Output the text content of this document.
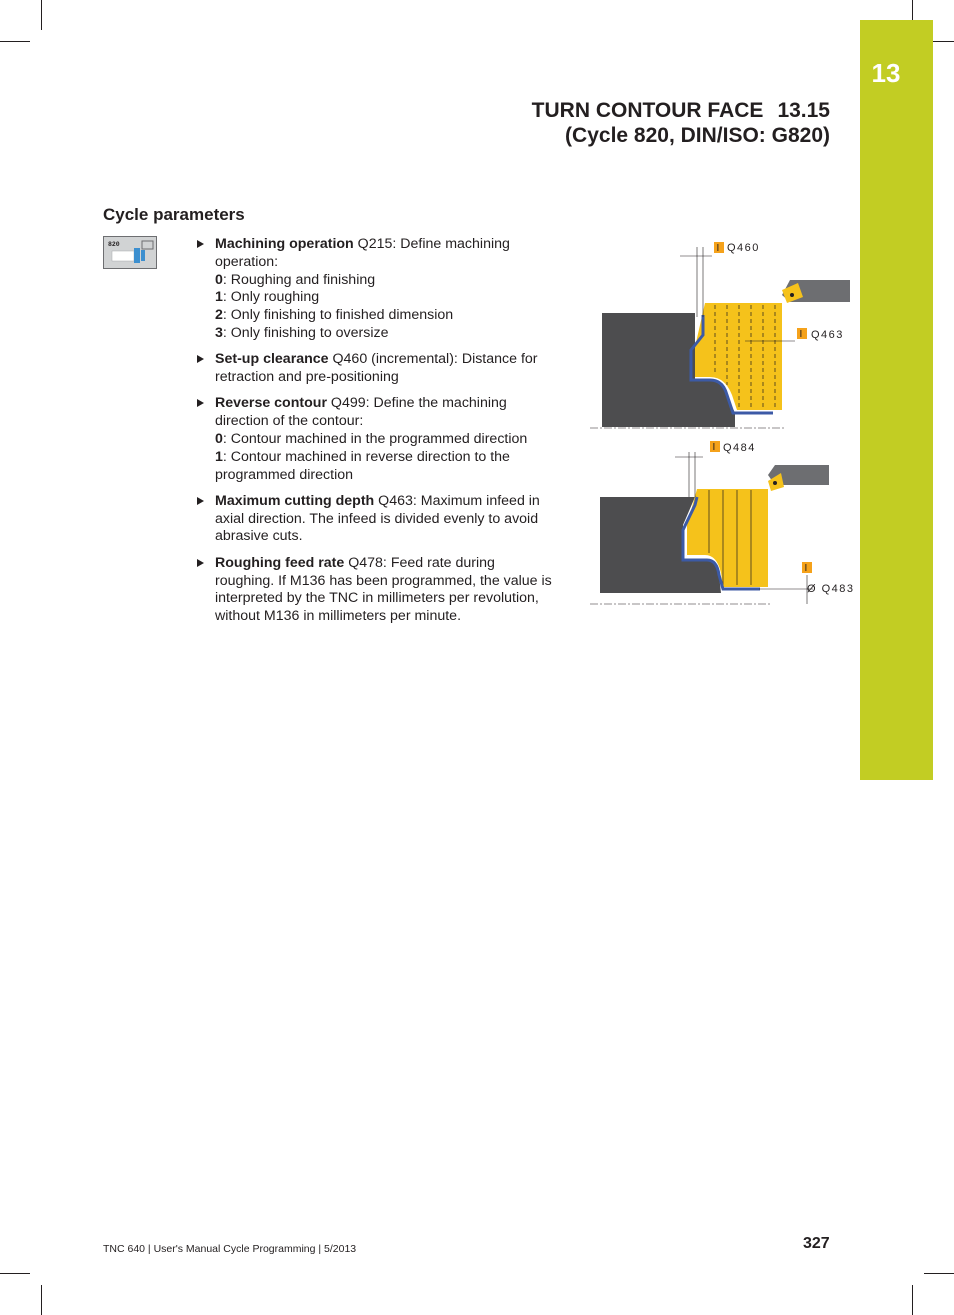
13
TURN CONTOUR FACE 13.15
(Cycle 820, DIN/ISO: G820)
Cycle parameters
820	Machining operation Q215: Define machining operation:
0: Roughing and finishing
1: Only roughing
2: Only finishing to finished dimension
3: Only finishing to oversize
Set-up clearance Q460 (incremental): Distance for retraction and pre-positioning
Reverse contour Q499: Define the machining direction of the contour:
0: Contour machined in the programmed direction
1: Contour machined in reverse direction to the programmed direction
Maximum cutting depth Q463: Maximum infeed in axial direction. The infeed is divided evenly to avoid abrasive cuts.
Roughing feed rate Q478: Feed rate during roughing. If M136 has been programmed, the value is interpreted by the TNC in millimeters per revolution, without M136 in millimeters per minute.
I Q460
I Q463
I Q484
I
Ø Q483
TNC 640 | User's Manual Cycle Programming | 5/2013	327
